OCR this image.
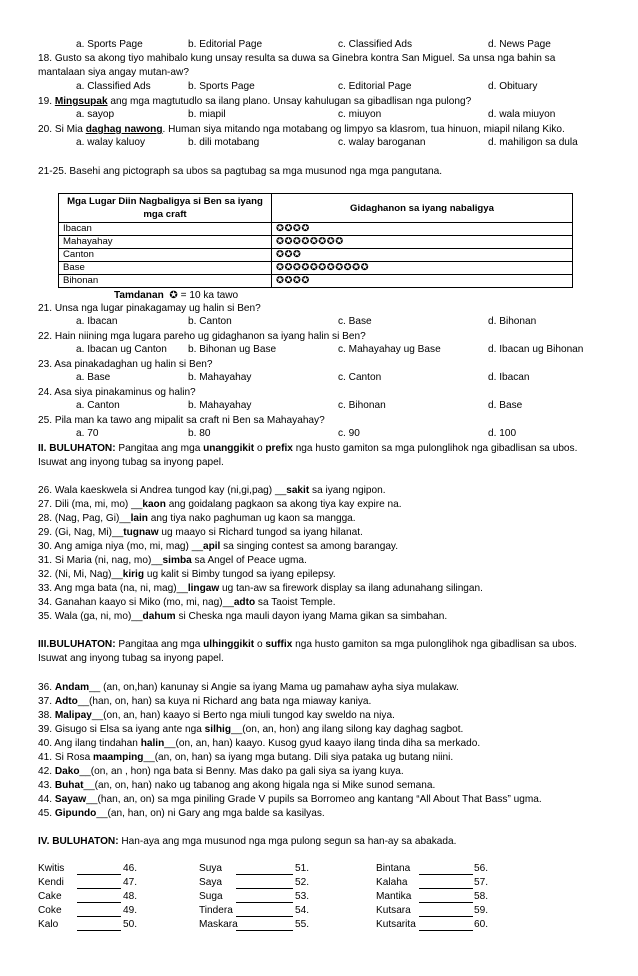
a. Sports Page	b. Editorial Page	c. Classified Ads	d. News Page
18. Gusto sa akong tiyo mahibalo kung unsay resulta sa duwa sa Ginebra kontra San Miguel. Sa unsa nga bahin sa mantalaan siya angay mutan-aw?
a. Classified Ads	b. Sports Page	c. Editorial Page	d. Obituary
19. Mingsupak ang mga magtutudlo sa ilang plano. Unsay kahulugan sa gibadlisan nga pulong?
a. sayop	b. miapil	c. miuyon	d. wala miuyon
20. Si Mia daghag nawong. Human siya mitando nga motabang og limpyo sa klasrom, tua hinuon, miapil nilang Kiko.
a. walay kaluoy	b. dili motabang	c. walay baroganan	d. mahiligon sa dula
21-25. Basehi ang pictograph sa ubos sa pagtubag sa mga musunod nga mga pangutana.
Mga Lugar Diin Nagbaligya si Ben sa iyang mga craft	Gidaghanon sa iyang nabaligya
Ibacan	✪✪✪✪
Mahayahay	✪✪✪✪✪✪✪✪
Canton	✪✪✪
Base	✪✪✪✪✪✪✪✪✪✪✪
Bihonan	✪✪✪✪
Tamdanan ✪ = 10 ka tawo
21. Unsa nga lugar pinakagamay ug halin si Ben?
a. Ibacan	b. Canton	c. Base	d. Bihonan
22. Hain niining mga lugara pareho ug gidaghanon sa iyang halin si Ben?
a. Ibacan ug Canton b. Bihonan ug Base	c. Mahayahay ug Base	d. Ibacan ug Bihonan
23. Asa pinakadaghan ug halin si Ben?
a. Base	b. Mahayahay	c. Canton	d. Ibacan
24. Asa siya pinakaminus og halin?
a. Canton	b. Mahayahay	c. Bihonan	d. Base
25. Pila man ka tawo ang mipalit sa craft ni Ben sa Mahayahay?
a. 70	b. 80	c. 90	d. 100
II. BULUHATON: Pangitaa ang mga unanggikit o prefix nga husto gamiton sa mga pulonglihok nga gibadlisan sa ubos. Isuwat ang inyong tubag sa inyong papel.
26. Wala kaeskwela si Andrea tungod kay (ni,gi,pag) __sakit sa iyang ngipon.
27. Dili (ma, mi, mo) __kaon ang goidalang pagkaon sa akong tiya kay expire na.
28. (Nag, Pag, Gi)__lain ang tiya nako paghuman ug kaon sa mangga.
29. (Gi, Nag, Mi)__tugnaw ug maayo si Richard tungod sa iyang hilanat.
30. Ang amiga niya (mo, mi, mag) __apil sa singing contest sa among barangay.
31. Si Maria (ni, nag, mo)__simba sa Angel of Peace ugma.
32. (Ni, Mi, Nag)__kirig ug kalit si Bimby tungod sa iyang epilepsy.
33. Ang mga bata (na, ni, mag)__lingaw ug tan-aw sa firework display sa ilang adunahang silingan.
34. Ganahan kaayo si Miko (mo, mi, nag)__adto sa Taoist Temple.
35. Wala (ga, ni, mo)__dahum si Cheska nga mauli dayon iyang Mama gikan sa simbahan.
III.BULUHATON: Pangitaa ang mga ulhinggikit o suffix nga husto gamiton sa mga pulonglihok nga gibadlisan sa ubos. Isuwat ang inyong tubag sa inyong papel.
36. Andam__ (an, on,han) kanunay si Angie sa iyang Mama ug pamahaw ayha siya mulakaw.
37. Adto__(han, on, han) sa kuya ni Richard ang bata nga miaway kaniya.
38. Malipay__(on, an, han) kaayo si Berto nga miuli tungod kay sweldo na niya.
39. Gisugo si Elsa sa iyang ante nga silhig__(on, an, hon) ang ilang silong kay daghag sagbot.
40. Ang ilang tindahan halin__(on, an, han) kaayo. Kusog gyud kaayo ilang tinda diha sa merkado.
41. Si Rosa maamping__(an, on, han) sa iyang mga butang. Dili siya pataka ug butang niini.
42. Dako__(on, an , hon) nga bata si Benny. Mas dako pa gali siya sa iyang kuya.
43. Buhat__(an, on, han) nako ug tabanog ang akong higala nga si Mike sunod semana.
44. Sayaw__(han, an, on) sa mga piniling Grade V pupils sa Borromeo ang kantang “All About That Bass” ugma.
45. Gipundo__(an, han, on) ni Gary ang mga balde sa kasilyas.
IV. BULUHATON: Han-aya ang mga musunod nga mga pulong segun sa han-ay sa abakada.
Kwitis	46.
Kendi	47.
Cake	48.
Coke	49.
Kalo	50.
Suya	51.
Saya	52.
Suga	53.
Tindera	54.
Maskara	55.
Bintana	56.
Kalaha	57.
Mantika	58.
Kutsara	59.
Kutsarita	60.
